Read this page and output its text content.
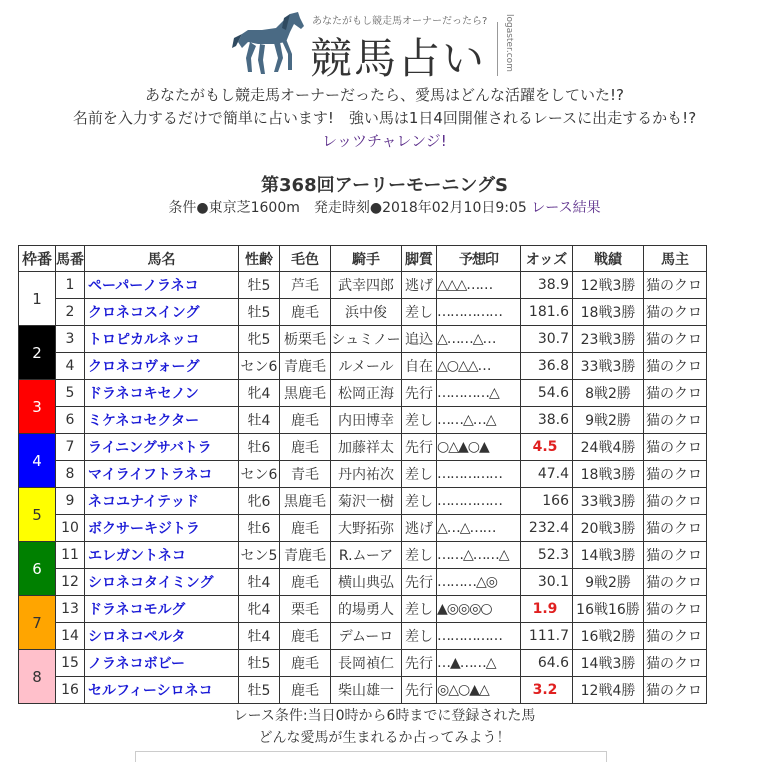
あなたがもし競走馬オーナーだったら?
競馬占い logaster.com
あなたがもし競走馬オーナーだったら、愛馬はどんな活躍をしていた!?
名前を入力するだけで簡単に占います!　強い馬は1日4回開催されるレースに出走するかも!?
レッツチャレンジ!
第368回アーリーモーニングS
条件●東京芝1600m　発走時刻●2018年02月10日9:05 レース結果
枠番	馬番	馬名	性齢	毛色	騎手	脚質	予想印	オッズ	戦績	馬主
1	1	ペーパーノラネコ	牡5	芦毛	武幸四郎	逃げ	△△△……	38.9	12戦3勝	猫のクロ
	2	クロネコスイング	牡5	鹿毛	浜中俊	差し	……………	181.6	18戦3勝	猫のクロ
2	3	トロピカルネッコ	牝5	栃栗毛	シュミノー	追込	△……△…	30.7	23戦3勝	猫のクロ
	4	クロネコヴォーグ	セン6	青鹿毛	ルメール	自在	△○△△…	36.8	33戦3勝	猫のクロ
3	5	ドラネコキセノン	牝4	黒鹿毛	松岡正海	先行	…………△	54.6	8戦2勝	猫のクロ
	6	ミケネコセクター	牡4	鹿毛	内田博幸	差し	……△…△	38.6	9戦2勝	猫のクロ
4	7	ライニングサバトラ	牡6	鹿毛	加藤祥太	先行	○△▲○▲	4.5	24戦4勝	猫のクロ
	8	マイライフトラネコ	セン6	青毛	丹内祐次	差し	……………	47.4	18戦3勝	猫のクロ
5	9	ネコユナイテッド	牝6	黒鹿毛	菊沢一樹	差し	……………	166	33戦3勝	猫のクロ
	10	ボクサーキジトラ	牡6	鹿毛	大野拓弥	逃げ	△…△……	232.4	20戦3勝	猫のクロ
6	11	エレガントネコ	セン5	青鹿毛	R.ムーア	差し	……△……△	52.3	14戦3勝	猫のクロ
	12	シロネコタイミング	牡4	鹿毛	横山典弘	先行	………△◎	30.1	9戦2勝	猫のクロ
7	13	ドラネコモルグ	牝4	栗毛	的場勇人	差し	▲◎◎◎○	1.9	16戦16勝	猫のクロ
	14	シロネコペルタ	牡4	鹿毛	デムーロ	差し	……………	111.7	16戦2勝	猫のクロ
8	15	ノラネコボビー	牡5	鹿毛	長岡禎仁	先行	…▲……△	64.6	14戦3勝	猫のクロ
	16	セルフィーシロネコ	牡5	鹿毛	柴山雄一	先行	◎△○▲△	3.2	12戦4勝	猫のクロ
レース条件:当日0時から6時までに登録された馬
どんな愛馬が生まれるか占ってみよう！
